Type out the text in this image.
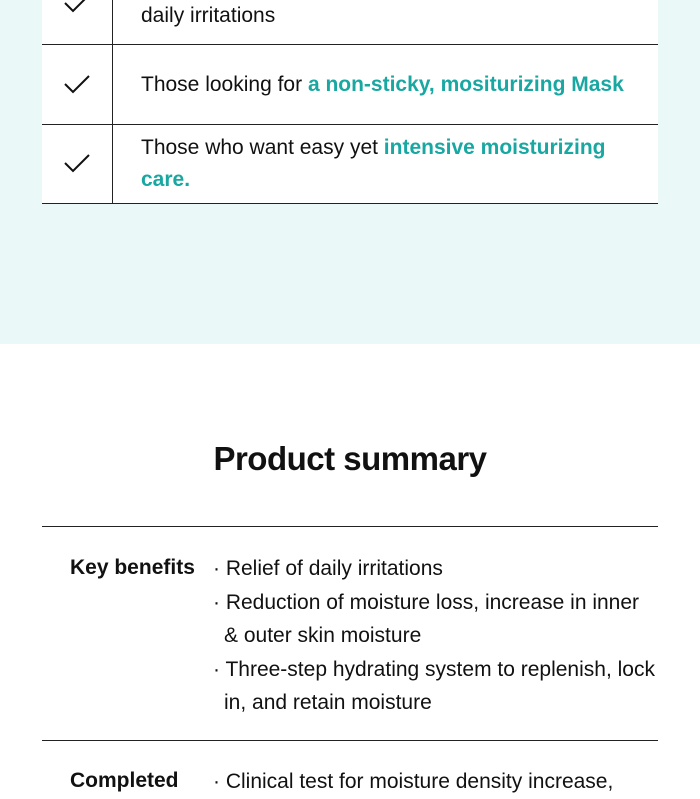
daily irritations
Those looking for a non-sticky, mositurizing Mask
Those who want easy yet intensive moisturizing care.
Product summary
Key benefits · Relief of daily irritations
· Reduction of moisture loss, increase in inner & outer skin moisture
· Three-step hydrating system to replenish, lock in, and retain moisture
Completed	· Clinical test for moisture density increase,
